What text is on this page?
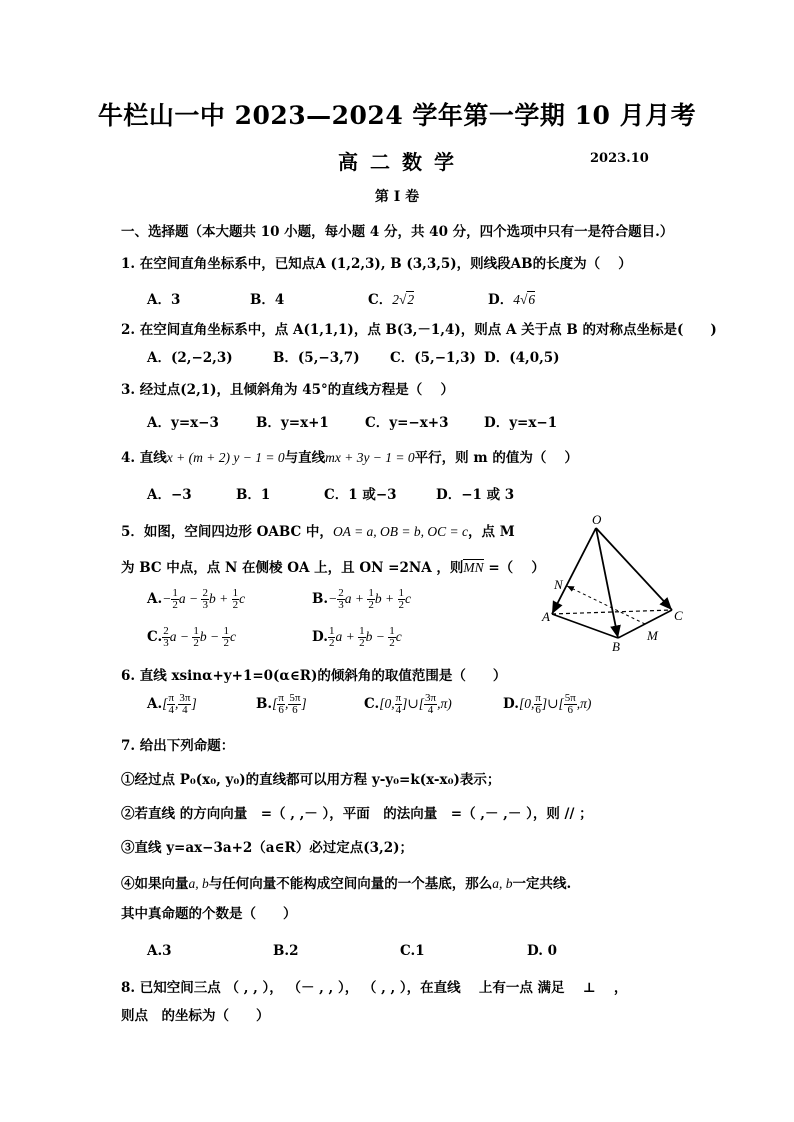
牛栏山一中 2023—2024 学年第一学期 10 月月考
高二数学	2023.10
第 I 卷
一、选择题（本大题共 10 小题，每小题 4 分，共 40 分，四个选项中只有一是符合题目.）
1. 在空间直角坐标系中，已知点A (1,2,3), B (3,3,5)，则线段AB的长度为（　 ）
A．3	B．4	C．2√2	D．4√6
2. 在空间直角坐标系中，点 A(1,1,1)，点 B(3,－1,4)，则点 A 关于点 B 的对称点坐标是(　　)
A．(2,−2,3)	B．(5,−3,7) C．(5,−1,3) D．(4,0,5)
3. 经过点(2,1)，且倾斜角为 45°的直线方程是（　 ）
A．y=x−3	B．y=x+1	C．y=−x+3	D．y=x−1
4. 直线x + (m + 2) y − 1 = 0与直线mx + 3y − 1 = 0平行，则 m 的值为（　 ）
A．−3	B．1	C．1 或−3	D．−1 或 3
5．如图，空间四边形 OABC 中，OA = a, OB = b, OC = c，点 M
为 BC 中点，点 N 在侧棱 OA 上，且 ON =2NA ，则MN =（　 ）
$A.- \frac{1}{2}$ $a - \frac{2}{3}$ $b + \frac{1}{2}$ c	$B.- \frac{2}{3}$ $a + \frac{1}{2}$ $b + \frac{1}{2}$ c
C. $\frac{2}{3}$ $a - \frac{1}{2}$ $b - \frac{1}{2}$ c	D. $\frac{1}{2}$ $a + \frac{1}{2}$ $b - \frac{1}{2}$ c
O
N
A	C
M
B
6. 直线 xsinα+y+1=0(α∈R)的倾斜角的取值范围是（　　）
$A.[ \frac{\pi}{4}$ , $\frac{3\pi}{4}$ ]	$B.[ \frac{\pi}{6}$ , $\frac{5\pi}{6}$ ]	C.[0, $\frac{\pi}{4}$ ]∪[ $\frac{3\pi}{4} ,\pi$)	D.[0, $\frac{\pi}{6}$ ]∪[ $\frac{5\pi}{6} ,\pi$)
7. 给出下列命题：
①经过点 P₀(x₀, y₀)的直线都可以用方程 y-y₀=k(x-x₀)表示；
②若直线 的方向向量　=（ , ,－ ），平面　的法向量　=（ ,－ ,－ ），则 // ；
③直线 y=ax−3a+2（a∈R）必过定点(3,2)；
④如果向量a, b与任何向量不能构成空间向量的一个基底，那么a, b一定共线.
其中真命题的个数是（　　）
A.3	B.2	C.1	D. 0
8. 已知空间三点 （ , , ）， （－ , , ）， （ , , ），在直线　 上有一点 满足　 ⊥　 ，
则点　的坐标为（　　）
